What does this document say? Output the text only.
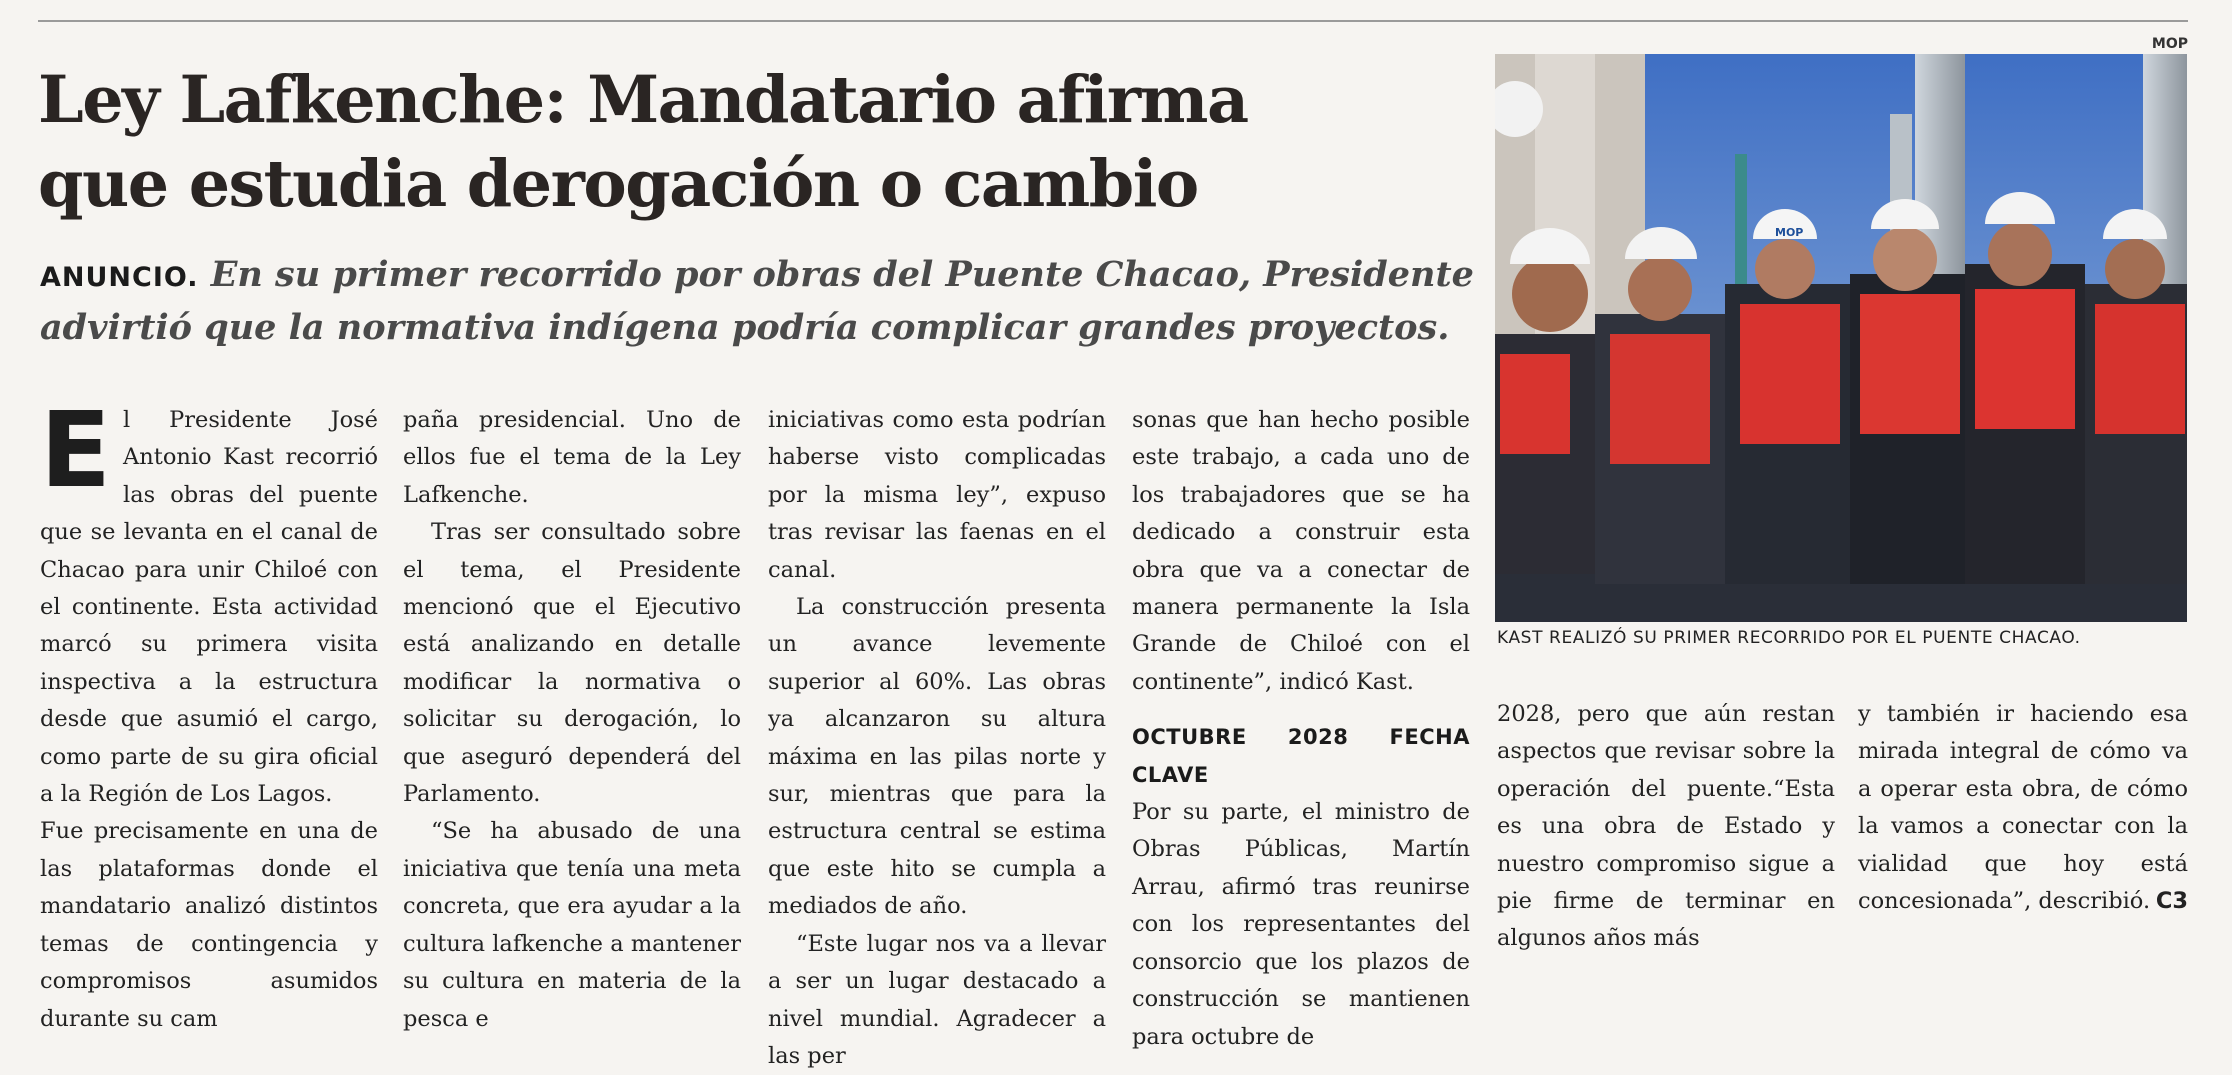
Ley Lafkenche: Mandatario afirma
que estudia derogación o cambio
ANUNCIO. En su primer recorrido por obras del Puente Chacao, Presidente advirtió que la normativa indígena podría complicar grandes proyectos.

El Presidente José Antonio Kast recorrió las obras del puente que se levanta en el canal de Chacao para unir Chiloé con el continente. Esta actividad marcó su primera visita inspectiva a la estructura desde que asumió el cargo, como parte de su gira oficial a la Región de Los Lagos.

Fue precisamente en una de las plataformas donde el mandatario analizó distintos temas de contingencia y compromisos asumidos durante su cam

paña presidencial. Uno de ellos fue el tema de la Ley Lafkenche.

Tras ser consultado sobre el tema, el Presidente mencionó que el Ejecutivo está analizando en detalle modificar la normativa o solicitar su derogación, lo que aseguró dependerá del Parlamento.

“Se ha abusado de una iniciativa que tenía una meta concreta, que era ayudar a la cultura lafkenche a mantener su cultura en materia de la pesca e

iniciativas como esta podrían haberse visto complicadas por la misma ley”, expuso tras revisar las faenas en el canal.

La construcción presenta un avance levemente superior al 60%. Las obras ya alcanzaron su altura máxima en las pilas norte y sur, mientras que para la estructura central se estima que este hito se cumpla a mediados de año.

“Este lugar nos va a llevar a ser un lugar destacado a nivel mundial. Agradecer a las per

sonas que han hecho posible este trabajo, a cada uno de los trabajadores que se ha dedicado a construir esta obra que va a conectar de manera permanente la Isla Grande de Chiloé con el continente”, indicó Kast.

OCTUBRE 2028 FECHA CLAVE

Por su parte, el ministro de Obras Públicas, Martín Arrau, afirmó tras reunirse con los representantes del consorcio que los plazos de construcción se mantienen para octubre de

2028, pero que aún restan aspectos que revisar sobre la operación del puente.“Esta es una obra de Estado y nuestro compromiso sigue a pie firme de terminar en algunos años más

y también ir haciendo esa mirada integral de cómo va a operar esta obra, de cómo la vamos a conectar con la vialidad que hoy está concesionada”, describió. C3

MOP
MOP
KAST REALIZÓ SU PRIMER RECORRIDO POR EL PUENTE CHACAO.
